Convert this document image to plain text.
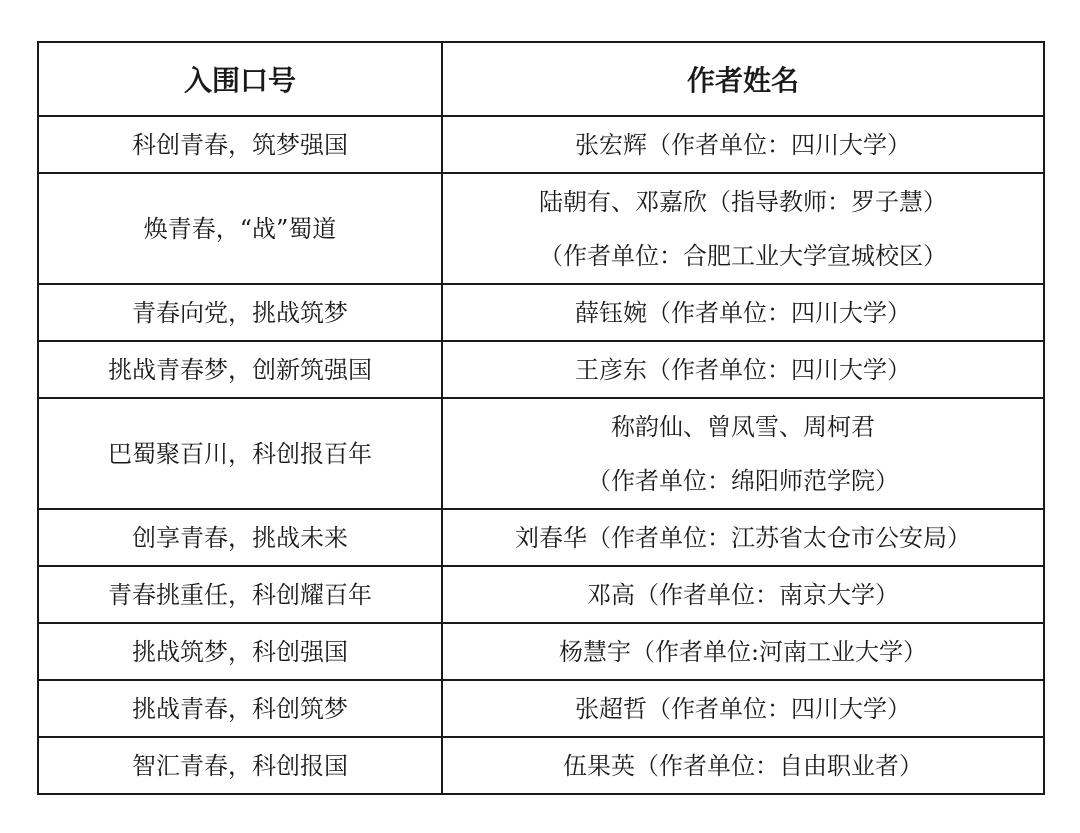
入围口号	作者姓名
科创青春，筑梦强国	张宏辉（作者单位：四川大学）

焕青春，“战”蜀道	陆朝有、邓嘉欣（指导教师：罗子慧）
（作者单位：合肥工业大学宣城校区）

青春向党，挑战筑梦	薛钰婉（作者单位：四川大学）

挑战青春梦，创新筑强国	王彦东（作者单位：四川大学）

巴蜀聚百川，科创报百年	称韵仙、曾凤雪、周柯君
（作者单位：绵阳师范学院）

创享青春，挑战未来	刘春华（作者单位：江苏省太仓市公安局）

青春挑重任，科创耀百年	邓高（作者单位：南京大学）

挑战筑梦，科创强国	杨慧宇（作者单位:河南工业大学）

挑战青春，科创筑梦	张超哲（作者单位：四川大学）

智汇青春，科创报国	伍果英（作者单位：自由职业者）
